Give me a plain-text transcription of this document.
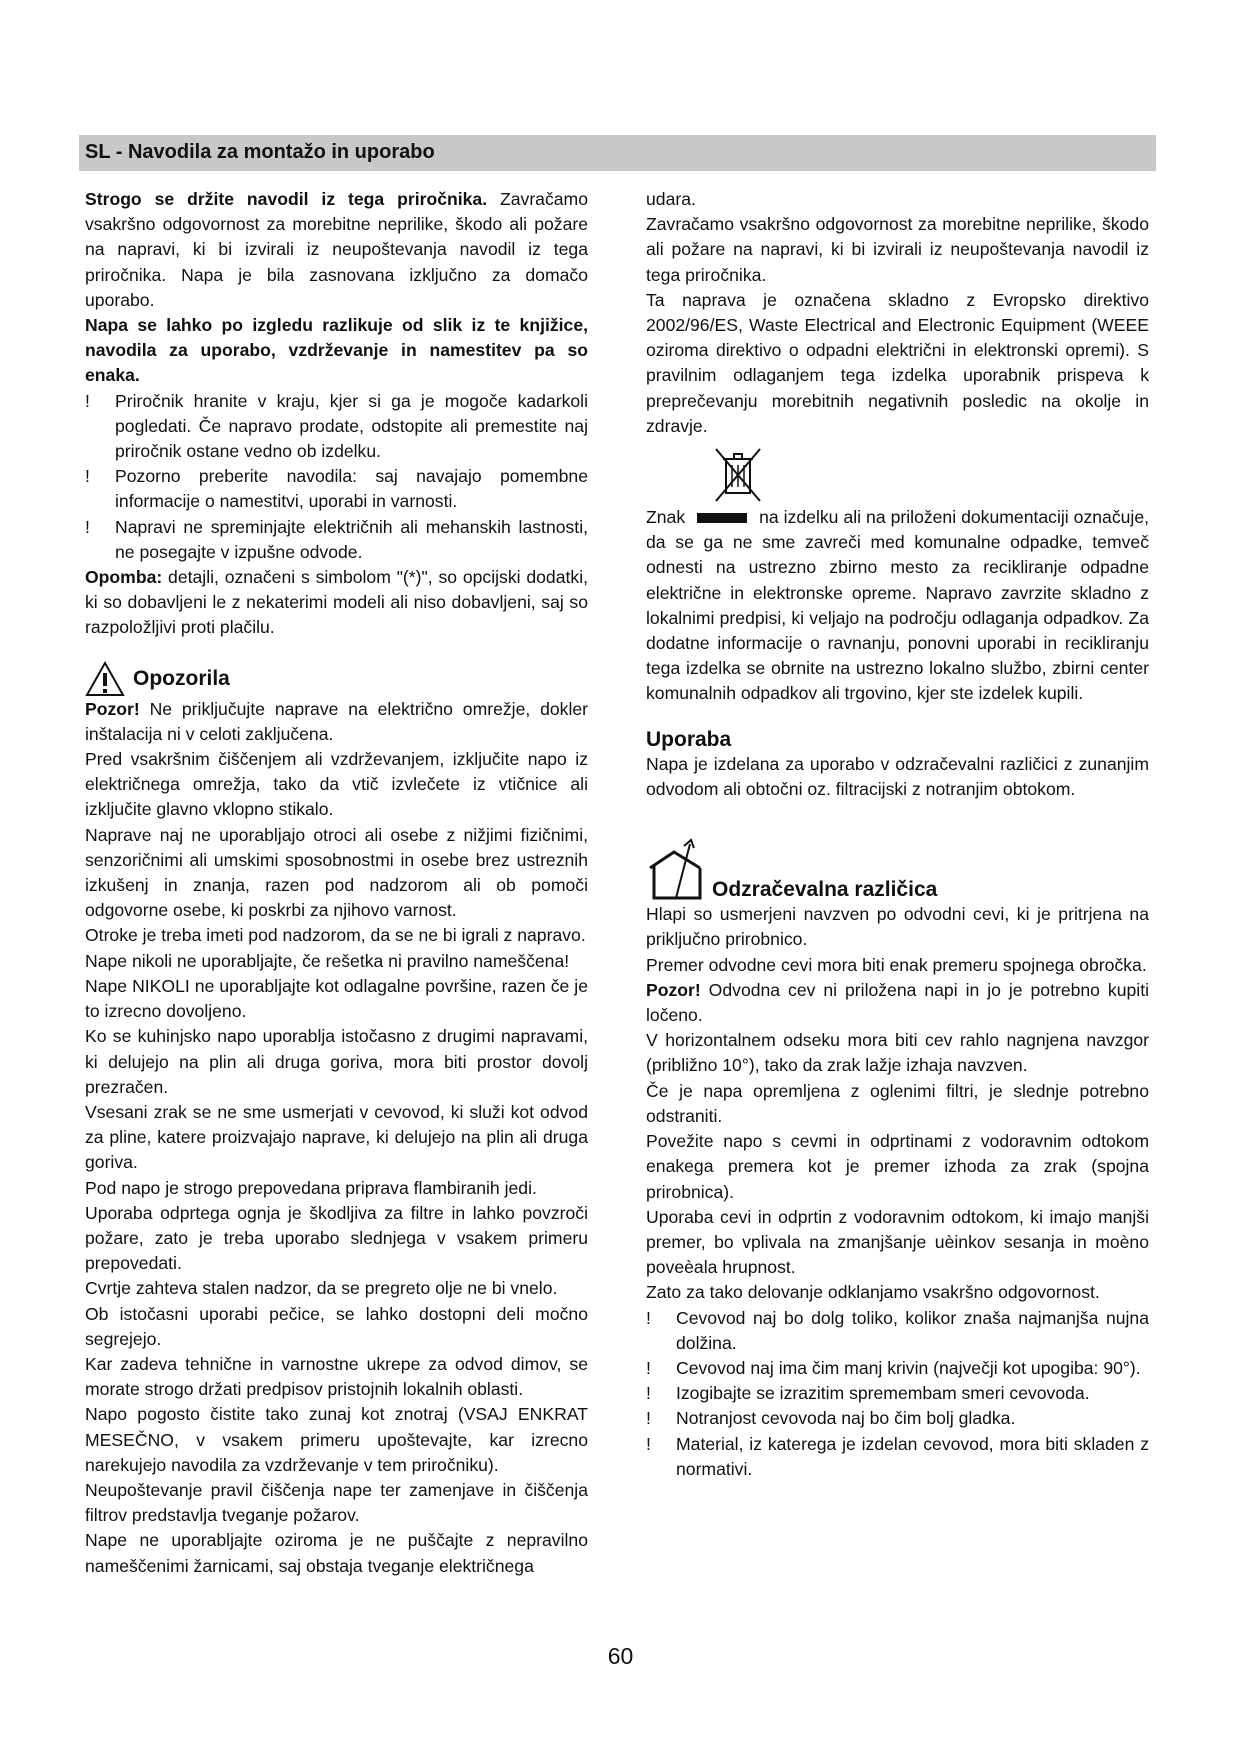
SL - Navodila za montažo in uporabo

Strogo se držite navodil iz tega priročnika. Zavračamo vsakršno odgovornost za morebitne neprilike, škodo ali požare na napravi, ki bi izvirali iz neupoštevanja navodil iz tega priročnika. Napa je bila zasnovana izključno za domačo uporabo.

Napa se lahko po izgledu razlikuje od slik iz te knjižice, navodila za uporabo, vzdrževanje in namestitev pa so enaka.

!	Priročnik hranite v kraju, kjer si ga je mogoče kadarkoli pogledati. Če napravo prodate, odstopite ali premestite naj priročnik ostane vedno ob izdelku.
!	Pozorno preberite navodila: saj navajajo pomembne informacije o namestitvi, uporabi in varnosti.
!	Napravi ne spreminjajte električnih ali mehanskih lastnosti, ne posegajte v izpušne odvode.

Opomba: detajli, označeni s simbolom "(*)", so opcijski dodatki, ki so dobavljeni le z nekaterimi modeli ali niso dobavljeni, saj so razpoložljivi proti plačilu.

Opozorila

Pozor! Ne priključujte naprave na električno omrežje, dokler inštalacija ni v celoti zaključena.

Pred vsakršnim čiščenjem ali vzdrževanjem, izključite napo iz električnega omrežja, tako da vtič izvlečete iz vtičnice ali izključite glavno vklopno stikalo.

Naprave naj ne uporabljajo otroci ali osebe z nižjimi fizičnimi, senzoričnimi ali umskimi sposobnostmi in osebe brez ustreznih izkušenj in znanja, razen pod nadzorom ali ob pomoči odgovorne osebe, ki poskrbi za njihovo varnost.

Otroke je treba imeti pod nadzorom, da se ne bi igrali z napravo.

Nape nikoli ne uporabljajte, če rešetka ni pravilno nameščena!

Nape NIKOLI ne uporabljajte kot odlagalne površine, razen če je to izrecno dovoljeno.

Ko se kuhinjsko napo uporablja istočasno z drugimi napravami, ki delujejo na plin ali druga goriva, mora biti prostor dovolj prezračen.

Vsesani zrak se ne sme usmerjati v cevovod, ki služi kot odvod za pline, katere proizvajajo naprave, ki delujejo na plin ali druga goriva.

Pod napo je strogo prepovedana priprava flambiranih jedi.

Uporaba odprtega ognja je škodljiva za filtre in lahko povzroči požare, zato je treba uporabo slednjega v vsakem primeru prepovedati.

Cvrtje zahteva stalen nadzor, da se pregreto olje ne bi vnelo.

Ob istočasni uporabi pečice, se lahko dostopni deli močno segrejejo.

Kar zadeva tehnične in varnostne ukrepe za odvod dimov, se morate strogo držati predpisov pristojnih lokalnih oblasti.

Napo pogosto čistite tako zunaj kot znotraj (VSAJ ENKRAT MESEČNO, v vsakem primeru upoštevajte, kar izrecno narekujejo navodila za vzdrževanje v tem priročniku).

Neupoštevanje pravil čiščenja nape ter zamenjave in čiščenja filtrov predstavlja tveganje požarov.

Nape ne uporabljajte oziroma je ne puščajte z nepravilno nameščenimi žarnicami, saj obstaja tveganje električnega

udara.

Zavračamo vsakršno odgovornost za morebitne neprilike, škodo ali požare na napravi, ki bi izvirali iz neupoštevanja navodil iz tega priročnika.

Ta naprava je označena skladno z Evropsko direktivo 2002/96/ES, Waste Electrical and Electronic Equipment (WEEE oziroma direktivo o odpadni električni in elektronski opremi). S pravilnim odlaganjem tega izdelka uporabnik prispeva k preprečevanju morebitnih negativnih posledic na okolje in zdravje.

Znak	na izdelku ali na priloženi dokumentaciji označuje, da se ga ne sme zavreči med komunalne odpadke, temveč odnesti na ustrezno zbirno mesto za recikliranje odpadne električne in elektronske opreme. Napravo zavrzite skladno z lokalnimi predpisi, ki veljajo na področju odlaganja odpadkov. Za dodatne informacije o ravnanju, ponovni uporabi in recikliranju tega izdelka se obrnite na ustrezno lokalno službo, zbirni center komunalnih odpadkov ali trgovino, kjer ste izdelek kupili.

Uporaba

Napa je izdelana za uporabo v odzračevalni različici z zunanjim odvodom ali obtočni oz. filtracijski z notranjim obtokom.

Odzračevalna različica

Hlapi so usmerjeni navzven po odvodni cevi, ki je pritrjena na priključno prirobnico.

Premer odvodne cevi mora biti enak premeru spojnega obročka.

Pozor! Odvodna cev ni priložena napi in jo je potrebno kupiti ločeno.

V horizontalnem odseku mora biti cev rahlo nagnjena navzgor (približno 10°), tako da zrak lažje izhaja navzven.

Če je napa opremljena z oglenimi filtri, je slednje potrebno odstraniti.

Povežite napo s cevmi in odprtinami z vodoravnim odtokom enakega premera kot je premer izhoda za zrak (spojna prirobnica).

Uporaba cevi in odprtin z vodoravnim odtokom, ki imajo manjši premer, bo vplivala na zmanjšanje uèinkov sesanja in moèno poveèala hrupnost.

Zato za tako delovanje odklanjamo vsakršno odgovornost.

!	Cevovod naj bo dolg toliko, kolikor znaša najmanjša nujna dolžina.
!	Cevovod naj ima čim manj krivin (največji kot upogiba: 90°).
!	Izogibajte se izrazitim spremembam smeri cevovoda.
!	Notranjost cevovoda naj bo čim bolj gladka.
!	Material, iz katerega je izdelan cevovod, mora biti skladen z normativi.
60
